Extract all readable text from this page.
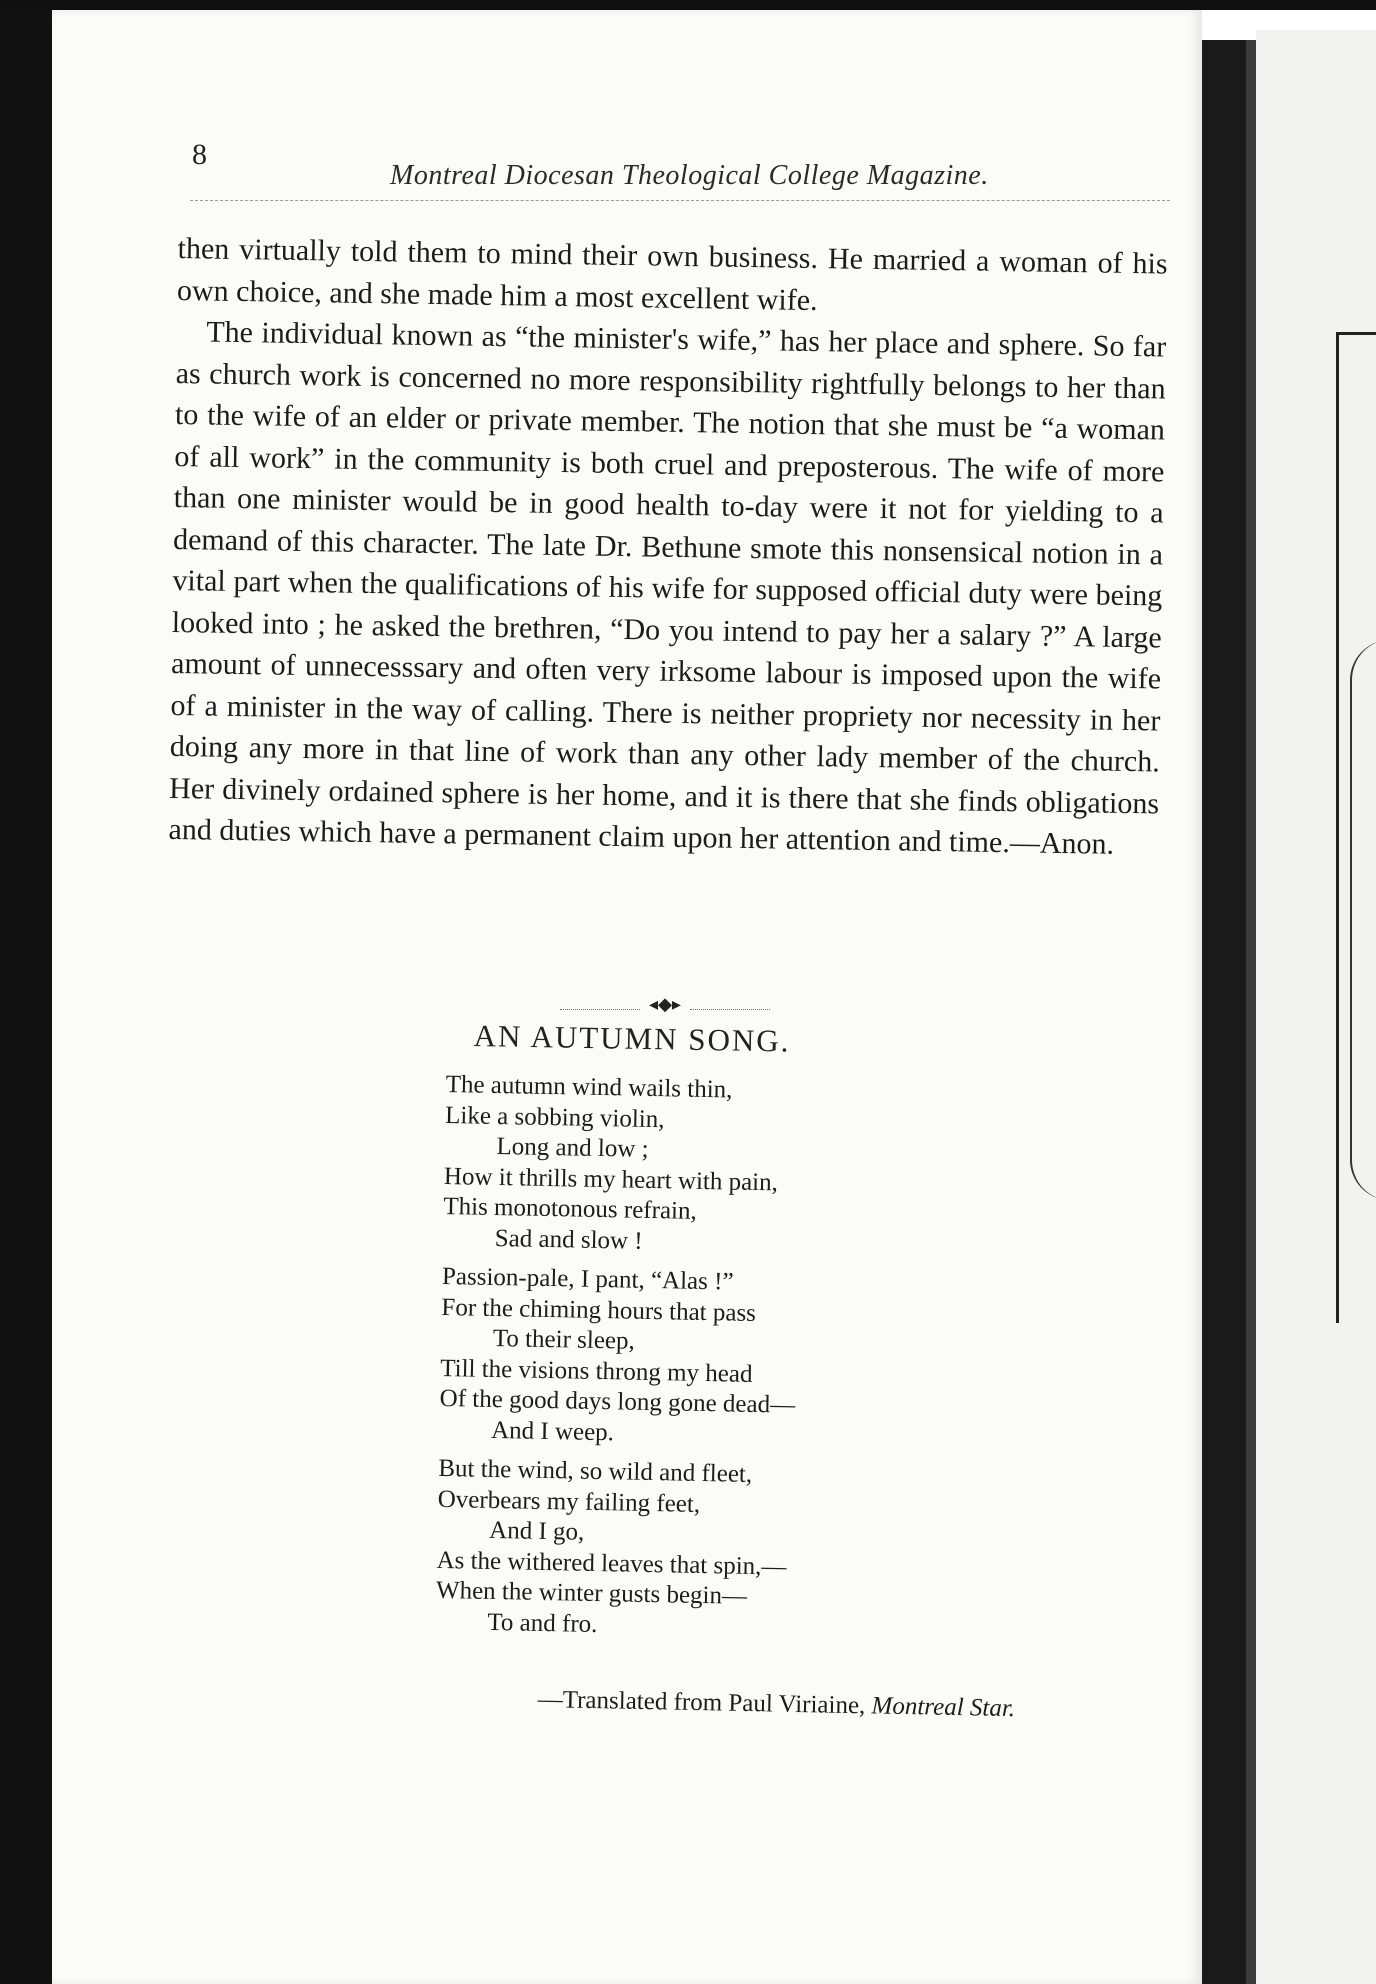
8
Montreal Diocesan Theological College Magazine.

then virtually told them to mind their own business. He married a woman of his own choice, and she made him a most excellent wife.

The individual known as “the minister's wife,” has her place and sphere. So far as church work is concerned no more responsibility rightfully belongs to her than to the wife of an elder or private member. The notion that she must be “a woman of all work” in the community is both cruel and preposterous. The wife of more than one minister would be in good health to-day were it not for yielding to a demand of this character. The late Dr. Bethune smote this nonsensical notion in a vital part when the qualifications of his wife for supposed official duty were being looked into ; he asked the brethren, “Do you intend to pay her a salary ?” A large amount of unnecesssary and often very irksome labour is imposed upon the wife of a minister in the way of calling. There is neither propriety nor necessity in her doing any more in that line of work than any other lady member of the church. Her divinely ordained sphere is her home, and it is there that she finds obligations and duties which have a permanent claim upon her attention and time.—Anon.

◂◆▸
AN AUTUMN SONG.
The autumn wind wails thin,
Like a sobbing violin,
Long and low ;
How it thrills my heart with pain,
This monotonous refrain,
Sad and slow !
Passion-pale, I pant, “Alas !”
For the chiming hours that pass
To their sleep,
Till the visions throng my head
Of the good days long gone dead—
And I weep.
But the wind, so wild and fleet,
Overbears my failing feet,
And I go,
As the withered leaves that spin,—
When the winter gusts begin—
To and fro.
—Translated from Paul Viriaine, Montreal Star.
